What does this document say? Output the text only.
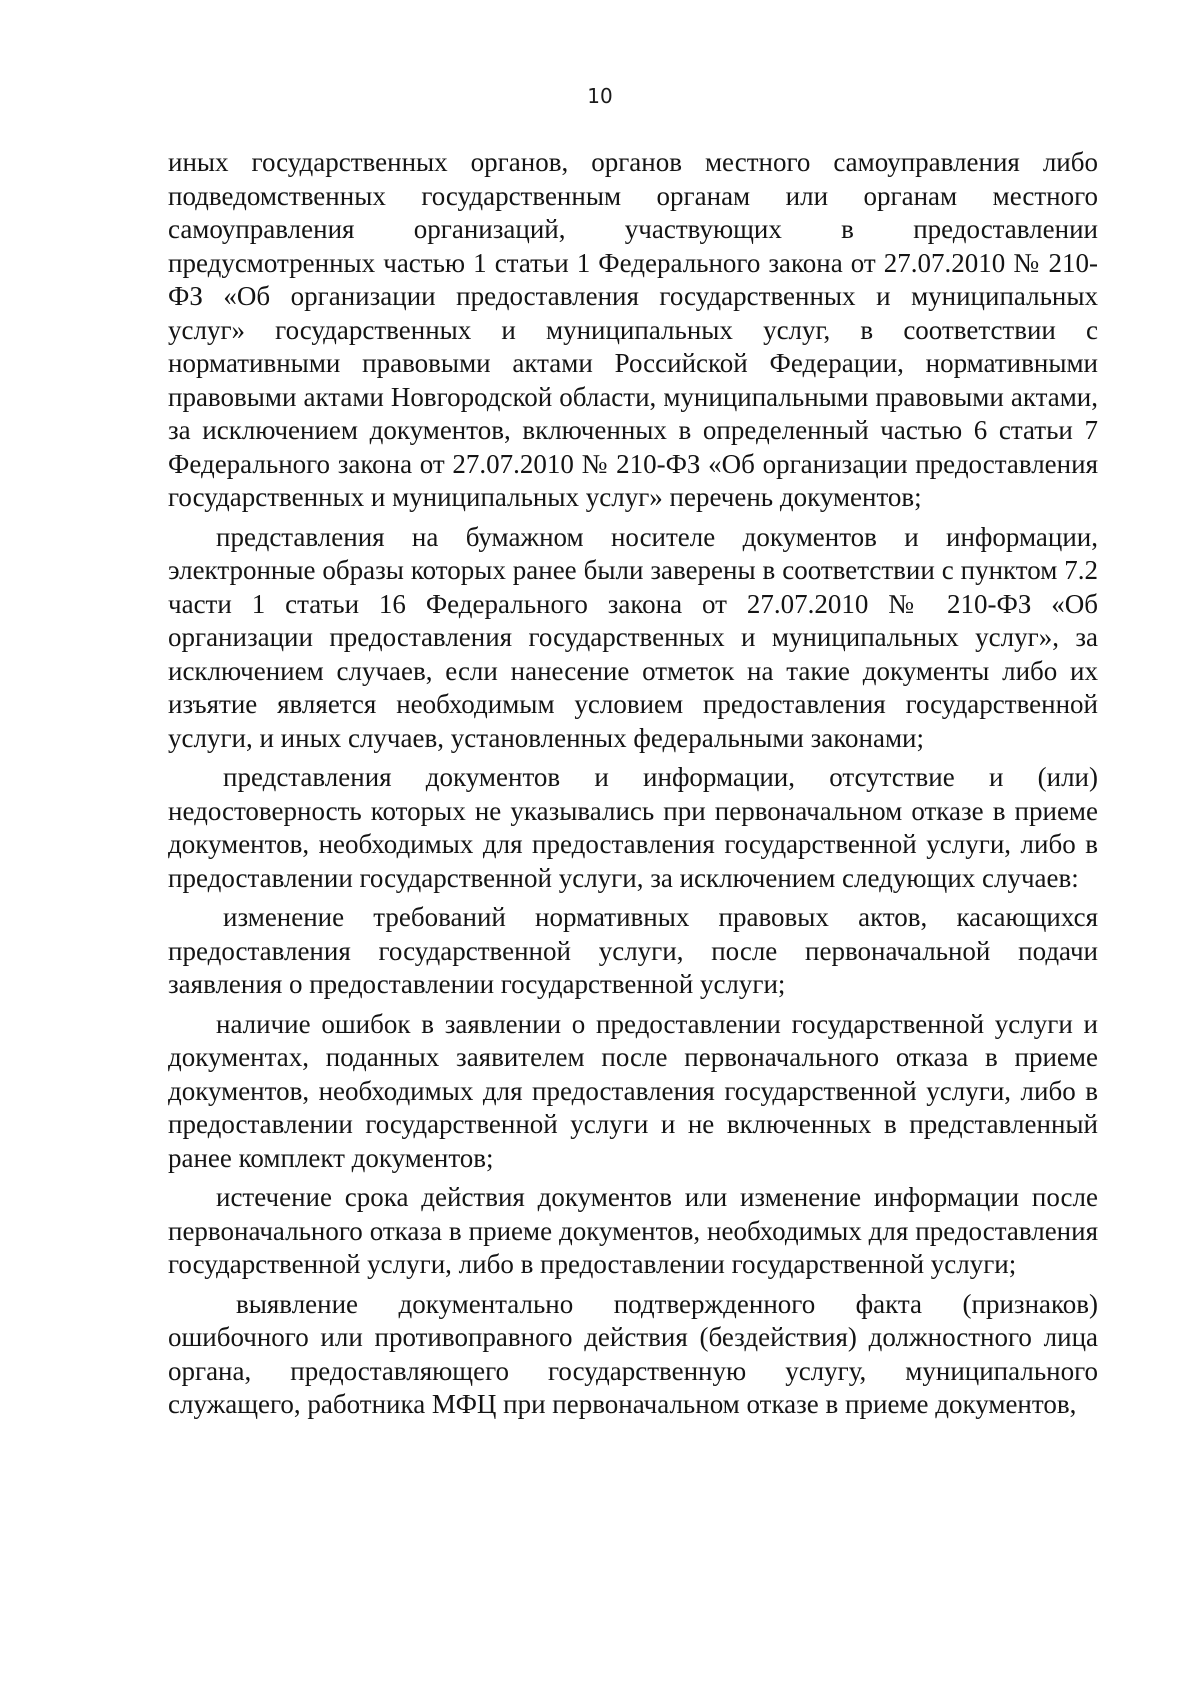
10

иных государственных органов, органов местного самоуправления либо подведомственных государственным органам или органам местного самоуправления организаций, участвующих в предоставлении предусмотренных частью 1 статьи 1 Федерального закона от 27.07.2010 № 210-ФЗ «Об организации предоставления государственных и муниципальных услуг» государственных и муниципальных услуг, в соответствии с нормативными правовыми актами Российской Федерации, нормативными правовыми актами Новгородской области, муниципальными правовыми актами, за исключением документов, включенных в определенный частью 6 статьи 7 Федерального закона от 27.07.2010 № 210-ФЗ «Об организации предоставления государственных и муниципальных услуг» перечень документов;

представления на бумажном носителе документов и информации, электронные образы которых ранее были заверены в соответствии с пунктом 7.2 части 1 статьи 16 Федерального закона от 27.07.2010 № 210-ФЗ «Об организации предоставления государственных и муниципальных услуг», за исключением случаев, если нанесение отметок на такие документы либо их изъятие является необходимым условием предоставления государственной услуги, и иных случаев, установленных федеральными законами;

представления документов и информации, отсутствие и (или) недостоверность которых не указывались при первоначальном отказе в приеме документов, необходимых для предоставления государственной услуги, либо в предоставлении государственной услуги, за исключением следующих случаев:

изменение требований нормативных правовых актов, касающихся предоставления государственной услуги, после первоначальной подачи заявления о предоставлении государственной услуги;

наличие ошибок в заявлении о предоставлении государственной услуги и документах, поданных заявителем после первоначального отказа в приеме документов, необходимых для предоставления государственной услуги, либо в предоставлении государственной услуги и не включенных в представленный ранее комплект документов;

истечение срока действия документов или изменение информации после первоначального отказа в приеме документов, необходимых для предоставления государственной услуги, либо в предоставлении государственной услуги;

выявление документально подтвержденного факта (признаков) ошибочного или противоправного действия (бездействия) должностного лица органа, предоставляющего государственную услугу, муниципального служащего, работника МФЦ при первоначальном отказе в приеме документов,
